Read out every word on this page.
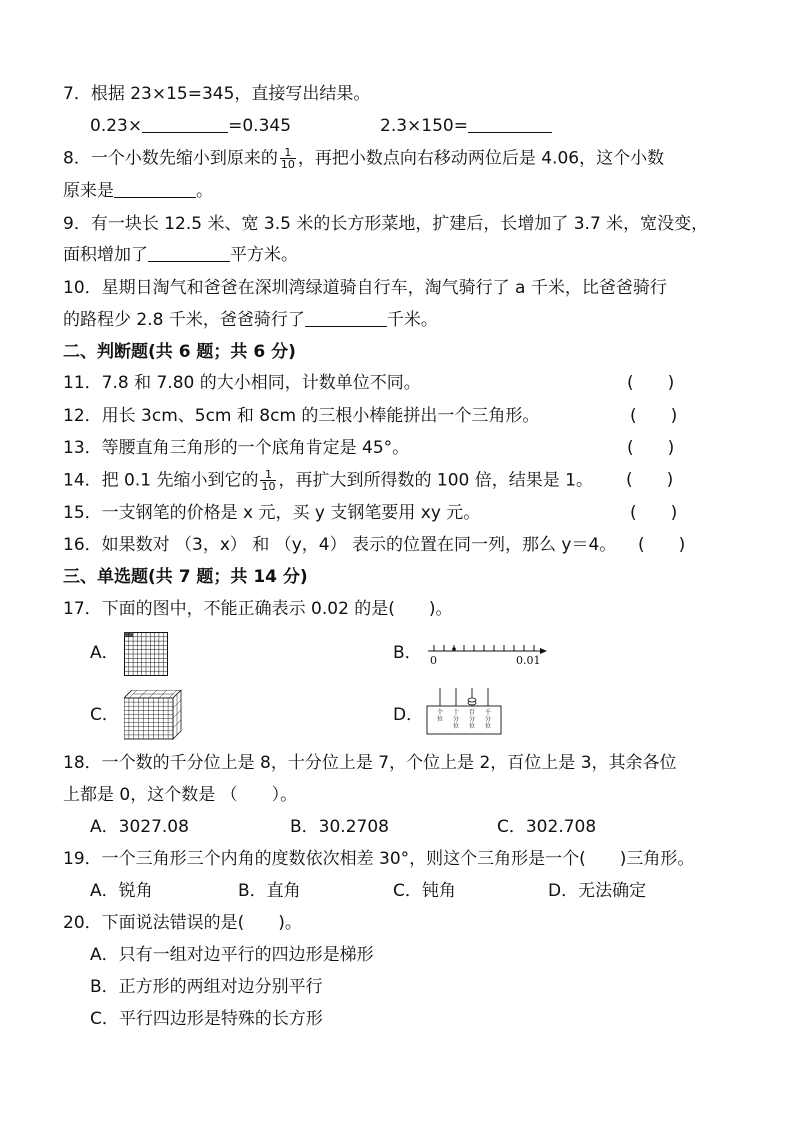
7．根据 23×15=345，直接写出结果。
0.23×	=0.345	2.3×150=
8．一个小数先缩小到原来的 $\frac{1}{10}$ ，再把小数点向右移动两位后是 4.06，这个小数
原来是	。
9．有一块长 12.5 米、宽 3.5 米的长方形菜地，扩建后，长增加了 3.7 米，宽没变，
面积增加了	平方米。
10．星期日淘气和爸爸在深圳湾绿道骑自行车，淘气骑行了 a 千米，比爸爸骑行
的路程少 2.8 千米，爸爸骑行了	千米。
二、判断题(共 6 题；共 6 分)
11．7.8 和 7.80 的大小相同，计数单位不同。	(　　)
12．用长 3cm、5cm 和 8cm 的三根小棒能拼出一个三角形。	(　　)
13．等腰直角三角形的一个底角肯定是 45°。	(　　)
14．把 0.1 先缩小到它的 $\frac{1}{10}$ ，再扩大到所得数的 100 倍，结果是 1。 (　　)
15．一支钢笔的价格是 x 元，买 y 支钢笔要用 xy 元。	(　　)
16．如果数对 （3，x） 和 （y，4） 表示的位置在同一列，那么 y＝4。 (　　)
三、单选题(共 7 题；共 14 分)
17．下面的图中，不能正确表示 0.02 的是(　　)。
A．	B． 0	0.01
C．	D． 个
位
十
分
位
百
分
位
千
分
位
18．一个数的千分位上是 8，十分位上是 7，个位上是 2，百位上是 3，其余各位
上都是 0，这个数是 （　　）。
A．3027.08	B．30.2708	C．302.708
19．一个三角形三个内角的度数依次相差 30°，则这个三角形是一个(　　)三角形。
A．锐角	B．直角	C．钝角	D．无法确定
20．下面说法错误的是(　　)。
A．只有一组对边平行的四边形是梯形
B．正方形的两组对边分别平行
C．平行四边形是特殊的长方形
